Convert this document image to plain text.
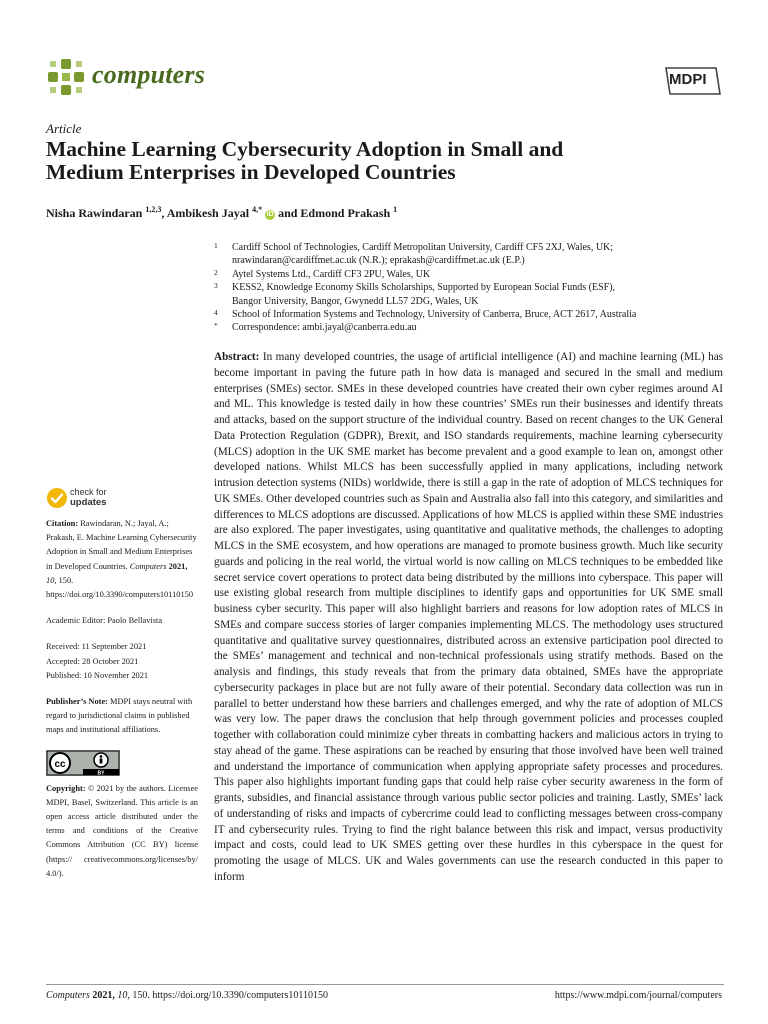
computers	MDPI
Article
Machine Learning Cybersecurity Adoption in Small and
Medium Enterprises in Developed Countries
Nisha Rawindaran $^{1,2,3}$, Ambikesh Jayal $^{4,*}$ iD and Edmond Prakash $^1$
1 Cardiff School of Technologies, Cardiff Metropolitan University, Cardiff CF5 2XJ, Wales, UK;
nrawindaran@cardiffmet.ac.uk (N.R.); eprakash@cardiffmet.ac.uk (E.P.)
2 Aytel Systems Ltd., Cardiff CF3 2PU, Wales, UK
3 KESS2, Knowledge Economy Skills Scholarships, Supported by European Social Funds (ESF),
Bangor University, Bangor, Gwynedd LL57 2DG, Wales, UK
4 School of Information Systems and Technology, University of Canberra, Bruce, ACT 2617, Australia
* Correspondence: ambi.jayal@canberra.edu.au
Abstract: In many developed countries, the usage of artificial intelligence (AI) and machine learning (ML) has become important in paving the future path in how data is managed and secured in the small and medium enterprises (SMEs) sector. SMEs in these developed countries have created their own cyber regimes around AI and ML. This knowledge is tested daily in how these countries’ SMEs run their businesses and identify threats and attacks, based on the support structure of the individual country. Based on recent changes to the UK General Data Protection Regulation (GDPR), Brexit, and ISO standards requirements, machine learning cybersecurity (MLCS) adoption in the UK SME market has become prevalent and a good example to lean on, amongst other developed nations. Whilst MLCS has been successfully applied in many applications, including network intrusion detection systems (NIDs) worldwide, there is still a gap in the rate of adoption of MLCS techniques for UK SMEs. Other developed countries such as Spain and Australia also fall into this category, and similarities and differences to MLCS adoptions are discussed. Applications of how MLCS is applied within these SME industries are also explored. The paper investigates, using quantitative and qualitative methods, the challenges to adopting MLCS in the SME ecosystem, and how operations are managed to promote business growth. Much like security guards and policing in the real world, the virtual world is now calling on MLCS techniques to be embedded like secret service covert operations to protect data being distributed by the millions into cyberspace. This paper will use existing global research from multiple disciplines to identify gaps and opportunities for UK SME small business cyber security. This paper will also highlight barriers and reasons for low adoption rates of MLCS in SMEs and compare success stories of larger companies implementing MLCS. The methodology uses structured quantitative and qualitative survey questionnaires, distributed across an extensive participation pool directed to the SMEs’ management and technical and non-technical professionals using stratify methods. Based on the analysis and findings, this study reveals that from the primary data obtained, SMEs have the appropriate cybersecurity packages in place but are not fully aware of their potential. Secondary data collection was run in parallel to better understand how these barriers and challenges emerged, and why the rate of adoption of MLCS was very low. The paper draws the conclusion that help through government policies and processes coupled together with collaboration could minimize cyber threats in combatting hackers and malicious actors in trying to stay ahead of the game. These aspirations can be reached by ensuring that those involved have been well trained and understand the importance of communication when applying appropriate safety processes and procedures. This paper also highlights important funding gaps that could help raise cyber security awareness in the form of grants, subsidies, and financial assistance through various public sector policies and training. Lastly, SMEs’ lack of understanding of risks and impacts of cybercrime could lead to conflicting messages between cross-company IT and cybersecurity rules. Trying to find the right balance between this risk and impact, versus productivity impact and costs, could lead to UK SMES getting over these hurdles in this cyberspace in the quest for promoting the usage of MLCS. UK and Wales governments can use the research conducted in this paper to inform
check for
updates
Citation: Rawindaran, N.; Jayal, A.; Prakash, E. Machine Learning Cybersecurity Adoption in Small and Medium Enterprises in Developed Countries. Computers 2021, 10, 150. https://doi.org/10.3390/computers10110150
Academic Editor: Paolo Bellavista
Received: 11 September 2021
Accepted: 28 October 2021
Published: 10 November 2021
Publisher’s Note: MDPI stays neutral with regard to jurisdictional claims in published maps and institutional affiliations.
cc
BY
Copyright: © 2021 by the authors. Licensee MDPI, Basel, Switzerland. This article is an open access article distributed under the terms and conditions of the Creative Commons Attribution (CC BY) license (https:// creativecommons.org/licenses/by/ 4.0/).
Computers 2021, 10, 150. https://doi.org/10.3390/computers10110150	https://www.mdpi.com/journal/computers
